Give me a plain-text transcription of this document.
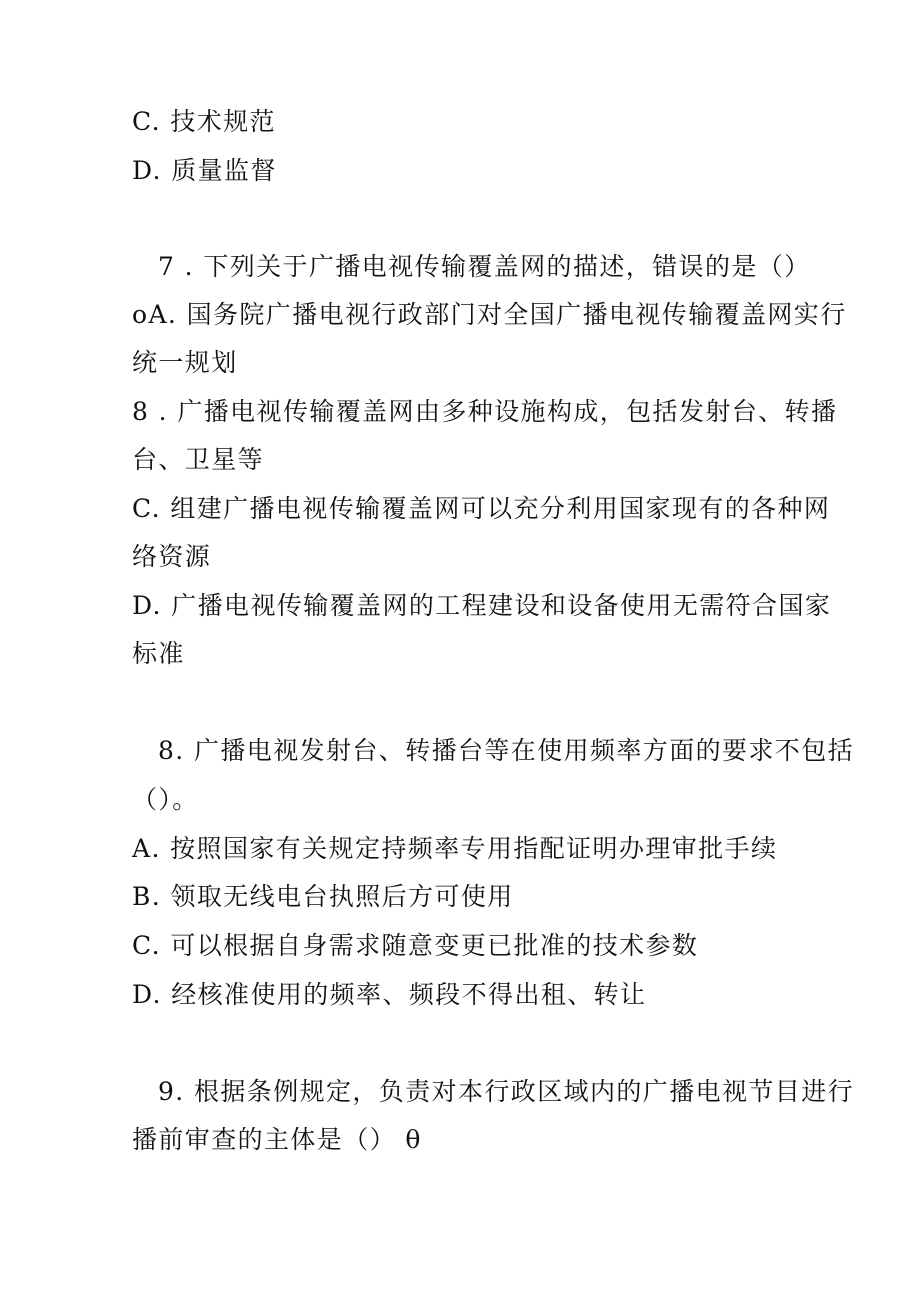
C. 技术规范
D. 质量监督
7 . 下列关于广播电视传输覆盖网的描述，错误的是（）
oA. 国务院广播电视行政部门对全国广播电视传输覆盖网实行
统一规划
8 . 广播电视传输覆盖网由多种设施构成，包括发射台、转播
台、卫星等
C. 组建广播电视传输覆盖网可以充分利用国家现有的各种网
络资源
D. 广播电视传输覆盖网的工程建设和设备使用无需符合国家
标准
8. 广播电视发射台、转播台等在使用频率方面的要求不包括
（）。
A. 按照国家有关规定持频率专用指配证明办理审批手续
B. 领取无线电台执照后方可使用
C. 可以根据自身需求随意变更已批准的技术参数
D. 经核准使用的频率、频段不得出租、转让
9. 根据条例规定，负责对本行政区域内的广播电视节目进行
播前审查的主体是（） θ
